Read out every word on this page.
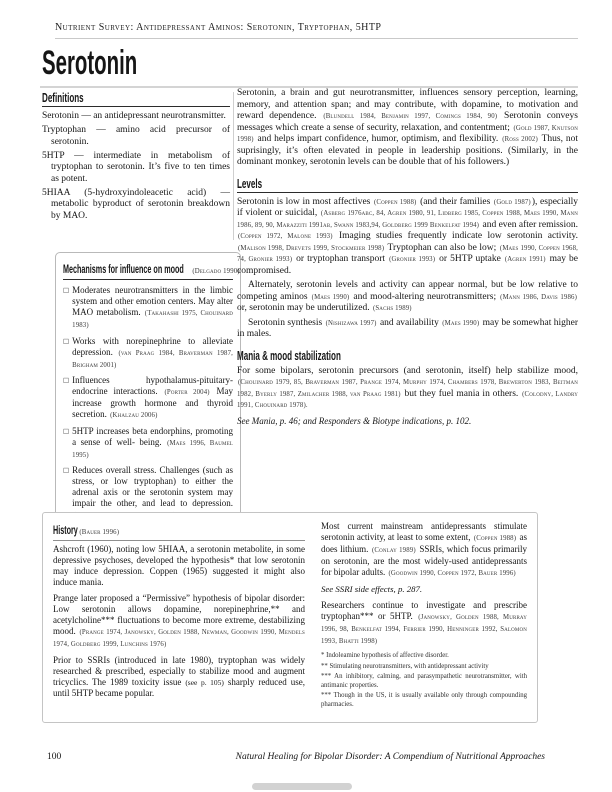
Nutrient Survey: Antidepressant Aminos: Serotonin, Tryptophan, 5HTP
Serotonin
Definitions

Serotonin — an antidepressant neurotransmitter.

Tryptophan — amino acid precursor of serotonin.

5HTP — intermediate in metabolism of tryptophan to serotonin. It’s five to ten times as potent.

5HIAA (5-hydroxyindoleacetic acid) — metabolic byproduct of serotonin breakdown by MAO.

Mechanisms for influence on mood (Delgado 1990)
□ Moderates neurotransmitters in the limbic system and other emotion centers. May alter MAO metabolism. (Takahashi 1975, Chouinard 1983)
□ Works with norepinephrine to alleviate depression. (van Praag 1984, Braverman 1987, Brigham 2001)
□ Influences hypothalamus-pituitary-endocrine interactions. (Porter 2004) May increase growth hormone and thyroid secretion. (Khalzau 2006)
□ 5HTP increases beta endorphins, promoting a sense of well- being. (Maes 1996, Baumel 1995)
□ Reduces overall stress. Challenges (such as stress, or low tryptophan) to either the adrenal axis or the serotonin system may impair the other, and lead to depression.

Serotonin, a brain and gut neurotransmitter, influences sensory perception, learning, memory, and attention span; and may contribute, with dopamine, to motivation and reward dependence. (Blundell 1984, Benjamin 1997, Comings 1984, 90) Serotonin conveys messages which create a sense of security, relaxation, and contentment; (Gold 1987, Knutson 1998) and helps impart confidence, humor, optimism, and flexibility. (Ross 2002) Thus, not suprisingly, it’s often elevated in people in leadership positions. (Similarly, in the dominant monkey, serotonin levels can be double that of his followers.)

Levels

Serotonin is low in most affectives (Coppen 1988) (and their families (Gold 1987)), especially if violent or suicidal, (Asberg 1976abc, 84, Agren 1980, 91, Lidberg 1985, Coppen 1988, Maes 1990, Mann 1986, 89, 90, Marazziti 1991ab, Swann 1983,94, Goldberg 1999 Benkelfat 1994) and even after remission. (Coppen 1972, Malone 1993) Imaging studies frequently indicate low serotonin activity. (Malison 1998, Drevets 1999, Stockmeier 1998) Tryptophan can also be low; (Maes 1990, Coppen 1968, 74, Gronier 1993) or tryptophan transport (Gronier 1993) or 5HTP uptake (Agren 1991) may be compromised.

Alternately, serotonin levels and activity can appear normal, but be low relative to competing aminos (Maes 1990) and mood-altering neurotransmitters; (Mann 1986, Davis 1986) or, serotonin may be underutilized. (Sachs 1989)

Serotonin synthesis (Nishizawa 1997) and availability (Maes 1990) may be somewhat higher in males.

Mania & mood stabilization

For some bipolars, serotonin precursors (and serotonin, itself) help stabilize mood, (Chouinard 1979, 85, Braverman 1987, Prange 1974, Murphy 1974, Chambers 1978, Brewerton 1983, Beitman 1982, Byerly 1987, Zmilacher 1988, van Praag 1981) but they fuel mania in others. (Colodny, Landry 1991, Chouinard 1978).

See Mania, p. 46; and Responders & Biotype indications, p. 102.

History (Bauer 1996)

Ashcroft (1960), noting low 5HIAA, a serotonin metabolite, in some depressive psychoses, developed the hypothesis* that low serotonin may induce depression. Coppen (1965) suggested it might also induce mania.

Prange later proposed a “Permissive” hypothesis of bipolar disorder: Low serotonin allows dopamine, norepinephrine,** and acetylcholine*** fluctuations to become more extreme, destabilizing mood. (Prange 1974, Janowsky, Golden 1988, Newman, Goodwin 1990, Mendels 1974, Goldberg 1999, Lunchins 1976)

Prior to SSRIs (introduced in late 1980), tryptophan was widely researched & prescribed, especially to stabilize mood and augment tricyclics. The 1989 toxicity issue (see p. 105) sharply reduced use, until 5HTP became popular.

Most current mainstream antidepressants stimulate serotonin activity, at least to some extent, (Coppen 1988) as does lithium. (Conlay 1989) SSRIs, which focus primarily on serotonin, are the most widely-used antidepressants for bipolar adults. (Goodwin 1990, Coppen 1972, Bauer 1996)

See SSRI side effects, p. 287.

Researchers continue to investigate and prescribe tryptophan*** or 5HTP. (Janowsky, Golden 1988, Murray 1996, 98, Benkelfat 1994, Ferrier 1990, Henninger 1992, Salomon 1993, Bhatti 1998)

* Indoleamine hypothesis of affective disorder.

** Stimulating neurotransmitters, with antidepressant activity

*** An inhibitory, calming, and parasympathetic neurotransmitter, with antimanic properties.

*** Though in the US, it is usually available only through compounding pharmacies.

100	Natural Healing for Bipolar Disorder: A Compendium of Nutritional Approaches
